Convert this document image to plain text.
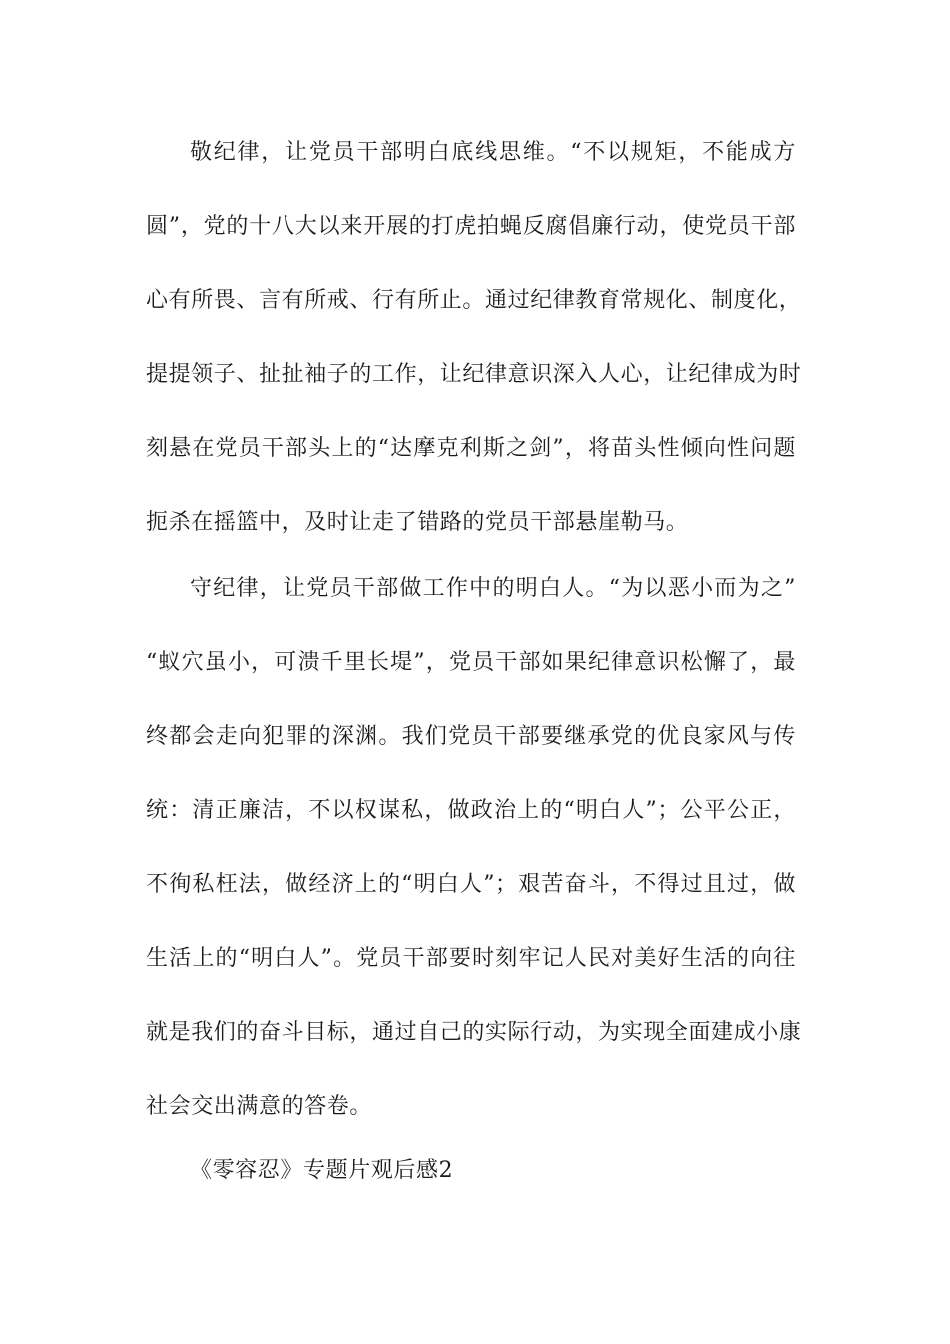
敬纪律，让党员干部明白底线思维。“不以规矩，不能成方
圆”，党的十八大以来开展的打虎拍蝇反腐倡廉行动，使党员干部
心有所畏、言有所戒、行有所止。通过纪律教育常规化、制度化，
提提领子、扯扯袖子的工作，让纪律意识深入人心，让纪律成为时
刻悬在党员干部头上的“达摩克利斯之剑”，将苗头性倾向性问题
扼杀在摇篮中，及时让走了错路的党员干部悬崖勒马。
守纪律，让党员干部做工作中的明白人。“为以恶小而为之”
“蚁穴虽小，可溃千里长堤”，党员干部如果纪律意识松懈了，最
终都会走向犯罪的深渊。我们党员干部要继承党的优良家风与传
统：清正廉洁，不以权谋私，做政治上的“明白人”；公平公正，
不徇私枉法，做经济上的“明白人”；艰苦奋斗，不得过且过，做
生活上的“明白人”。党员干部要时刻牢记人民对美好生活的向往
就是我们的奋斗目标，通过自己的实际行动，为实现全面建成小康
社会交出满意的答卷。
《零容忍》专题片观后感2
